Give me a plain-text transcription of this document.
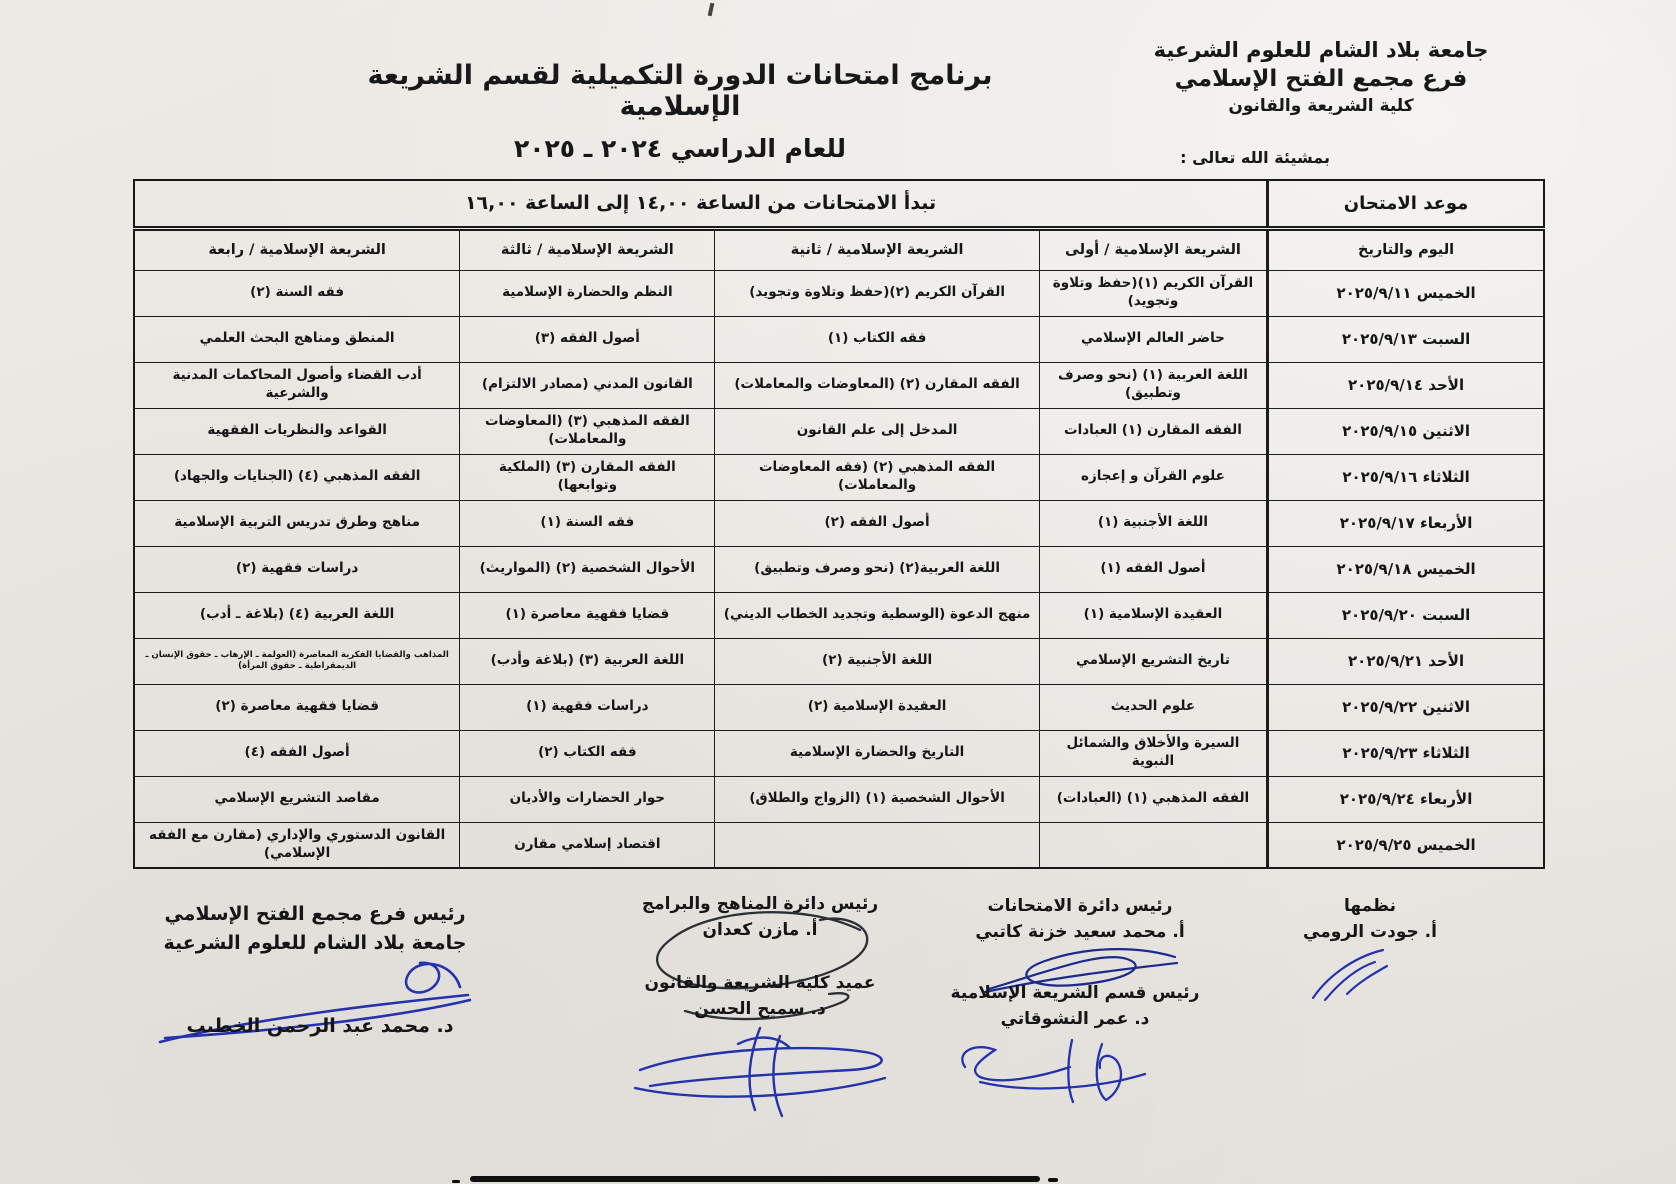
جامعة بلاد الشام للعلوم الشرعية
فرع مجمع الفتح الإسلامي
كلية الشريعة والقانون
بمشيئة الله تعالى :
برنامج امتحانات الدورة التكميلية لقسم الشريعة الإسلامية
للعام الدراسي ٢٠٢٤ ـ ٢٠٢٥
موعد الامتحان	تبدأ الامتحانات من الساعة ١٤,٠٠ إلى الساعة ١٦,٠٠			
اليوم والتاريخ	الشريعة الإسلامية / أولى	الشريعة الإسلامية / ثانية	الشريعة الإسلامية / ثالثة	الشريعة الإسلامية / رابعة
الخميس ٢٠٢٥/٩/١١	القرآن الكريم (١)(حفظ وتلاوة وتجويد)	القرآن الكريم (٢)(حفظ وتلاوة وتجويد)	النظم والحضارة الإسلامية	فقه السنة (٢)
السبت ٢٠٢٥/٩/١٣	حاضر العالم الإسلامي	فقه الكتاب (١)	أصول الفقه (٣)	المنطق ومناهج البحث العلمي
الأحد ٢٠٢٥/٩/١٤	اللغة العربية (١) (نحو وصرف وتطبيق)	الفقه المقارن (٢) (المعاوضات والمعاملات)	القانون المدني (مصادر الالتزام)	أدب القضاء وأصول المحاكمات المدنية والشرعية
الاثنين ٢٠٢٥/٩/١٥	الفقه المقارن (١) العبادات	المدخل إلى علم القانون	الفقه المذهبي (٣) (المعاوضات والمعاملات)	القواعد والنظريات الفقهية
الثلاثاء ٢٠٢٥/٩/١٦	علوم القرآن و إعجازه	الفقه المذهبي (٢) (فقه المعاوضات والمعاملات)	الفقه المقارن (٣) (الملكية وتوابعها)	الفقه المذهبي (٤) (الجنايات والجهاد)
الأربعاء ٢٠٢٥/٩/١٧	اللغة الأجنبية (١)	أصول الفقه (٢)	فقه السنة (١)	مناهج وطرق تدريس التربية الإسلامية
الخميس ٢٠٢٥/٩/١٨	أصول الفقه (١)	اللغة العربية(٢) (نحو وصرف وتطبيق)	الأحوال الشخصية (٢) (المواريث)	دراسات فقهية (٢)
السبت ٢٠٢٥/٩/٢٠	العقيدة الإسلامية (١)	منهج الدعوة (الوسطية وتجديد الخطاب الديني)	قضايا فقهية معاصرة (١)	اللغة العربية (٤) (بلاغة ـ أدب)
الأحد ٢٠٢٥/٩/٢١	تاريخ التشريع الإسلامي	اللغة الأجنبية (٢)	اللغة العربية (٣) (بلاغة وأدب)	المذاهب والقضايا الفكرية المعاصرة (العولمة ـ الإرهاب ـ حقوق الإنسان ـ الديمقراطية ـ حقوق المرأة)
الاثنين ٢٠٢٥/٩/٢٢	علوم الحديث	العقيدة الإسلامية (٢)	دراسات فقهية (١)	قضايا فقهية معاصرة (٢)
الثلاثاء ٢٠٢٥/٩/٢٣	السيرة والأخلاق والشمائل النبوية	التاريخ والحضارة الإسلامية	فقه الكتاب (٢)	أصول الفقه (٤)
الأربعاء ٢٠٢٥/٩/٢٤	الفقه المذهبي (١) (العبادات)	الأحوال الشخصية (١) (الزواج والطلاق)	حوار الحضارات والأديان	مقاصد التشريع الإسلامي
الخميس ٢٠٢٥/٩/٢٥			اقتصاد إسلامي مقارن	القانون الدستوري والإداري (مقارن مع الفقه الإسلامي)
نظمها
أ. جودت الرومي
رئيس دائرة الامتحانات
أ. محمد سعيد خزنة كاتبي
رئيس قسم الشريعة الإسلامية
د. عمر النشوقاتي
رئيس دائرة المناهج والبرامج
أ. مازن كعدان
عميد كلية الشريعة والقانون
د. سميح الحسن
رئيس فرع مجمع الفتح الإسلامي
جامعة بلاد الشام للعلوم الشرعية
د. محمد عبد الرحمن الخطيب
